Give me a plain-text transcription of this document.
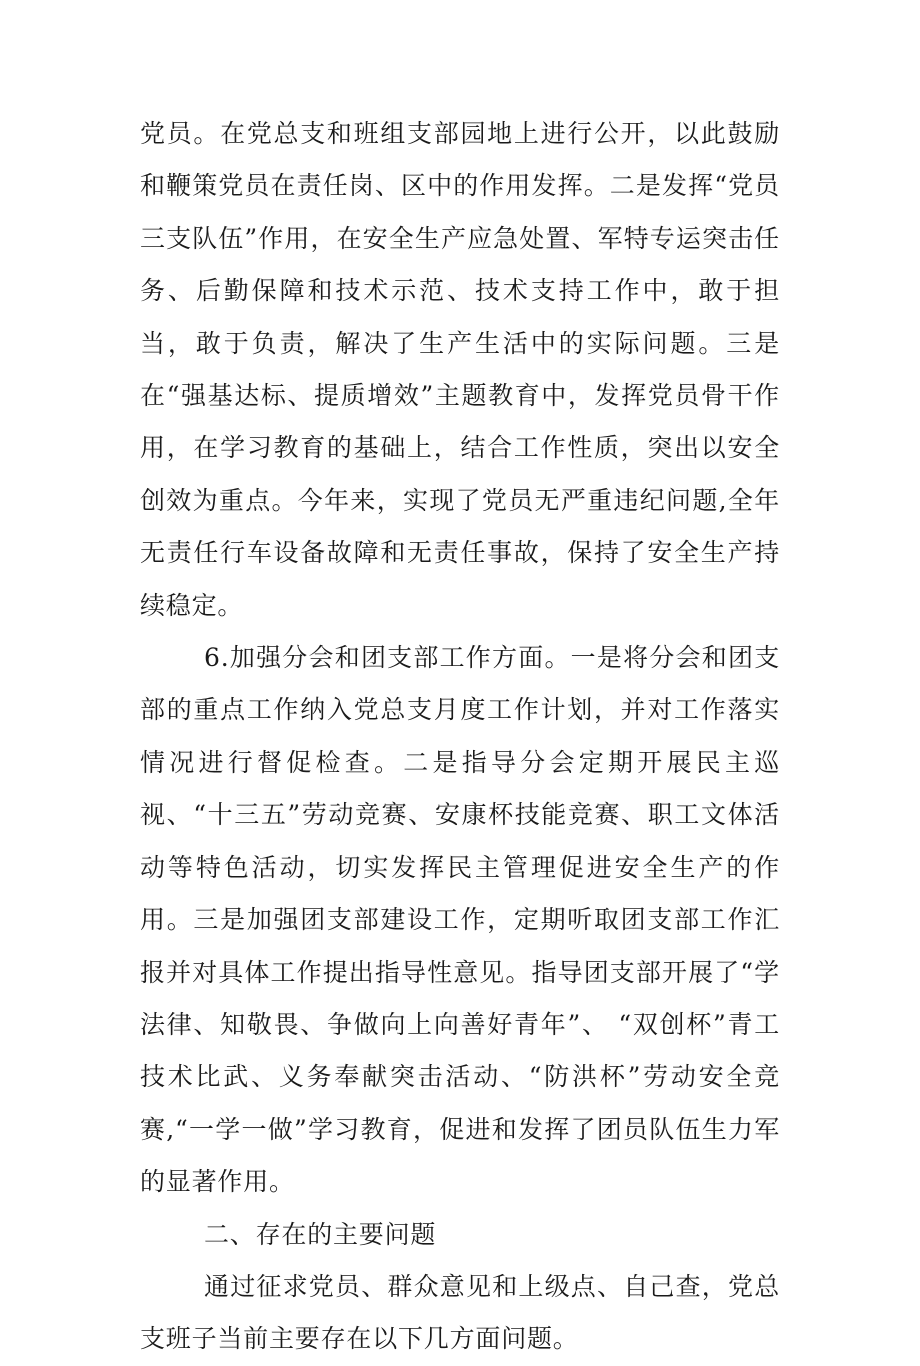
党员。在党总支和班组支部园地上进行公开，以此鼓励和鞭策党员在责任岗、区中的作用发挥。二是发挥“党员三支队伍”作用，在安全生产应急处置、军特专运突击任务、后勤保障和技术示范、技术支持工作中，敢于担当，敢于负责，解决了生产生活中的实际问题。三是在“强基达标、提质增效”主题教育中，发挥党员骨干作用，在学习教育的基础上，结合工作性质，突出以安全创效为重点。今年来，实现了党员无严重违纪问题,全年无责任行车设备故障和无责任事故，保持了安全生产持续稳定。

6.加强分会和团支部工作方面。一是将分会和团支部的重点工作纳入党总支月度工作计划，并对工作落实情况进行督促检查。二是指导分会定期开展民主巡视、“十三五”劳动竞赛、安康杯技能竞赛、职工文体活动等特色活动，切实发挥民主管理促进安全生产的作用。三是加强团支部建设工作，定期听取团支部工作汇报并对具体工作提出指导性意见。指导团支部开展了“学法律、知敬畏、争做向上向善好青年”、 “双创杯”青工技术比武、义务奉献突击活动、“防洪杯”劳动安全竞赛,“一学一做”学习教育，促进和发挥了团员队伍生力军的显著作用。

二、存在的主要问题

通过征求党员、群众意见和上级点、自己查，党总支班子当前主要存在以下几方面问题。
